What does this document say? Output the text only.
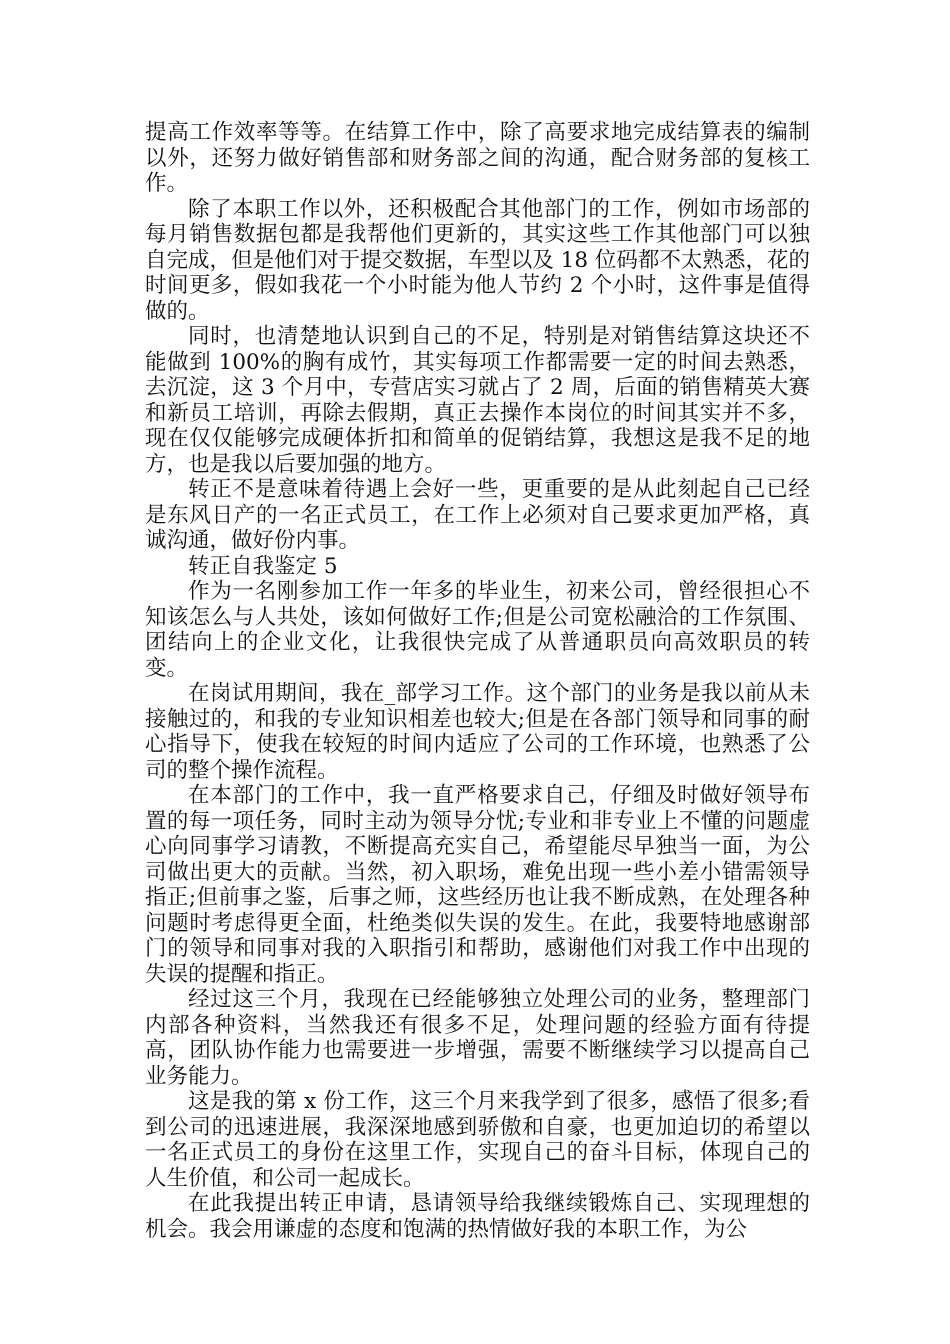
提高工作效率等等。在结算工作中，除了高要求地完成结算表的编制以外，还努力做好销售部和财务部之间的沟通，配合财务部的复核工作。

除了本职工作以外，还积极配合其他部门的工作，例如市场部的每月销售数据包都是我帮他们更新的，其实这些工作其他部门可以独自完成，但是他们对于提交数据，车型以及 18 位码都不太熟悉，花的时间更多，假如我花一个小时能为他人节约 2 个小时，这件事是值得做的。

同时，也清楚地认识到自己的不足，特别是对销售结算这块还不能做到 100%的胸有成竹，其实每项工作都需要一定的时间去熟悉，去沉淀，这 3 个月中，专营店实习就占了 2 周，后面的销售精英大赛和新员工培训，再除去假期，真正去操作本岗位的时间其实并不多，现在仅仅能够完成硬体折扣和简单的促销结算，我想这是我不足的地方，也是我以后要加强的地方。

转正不是意味着待遇上会好一些，更重要的是从此刻起自己已经是东风日产的一名正式员工，在工作上必须对自己要求更加严格，真诚沟通，做好份内事。

转正自我鉴定 5

作为一名刚参加工作一年多的毕业生，初来公司，曾经很担心不知该怎么与人共处，该如何做好工作;但是公司宽松融洽的工作氛围、团结向上的企业文化，让我很快完成了从普通职员向高效职员的转变。

在岗试用期间，我在_部学习工作。这个部门的业务是我以前从未接触过的，和我的专业知识相差也较大;但是在各部门领导和同事的耐心指导下，使我在较短的时间内适应了公司的工作环境，也熟悉了公司的整个操作流程。

在本部门的工作中，我一直严格要求自己，仔细及时做好领导布置的每一项任务，同时主动为领导分忧;专业和非专业上不懂的问题虚心向同事学习请教，不断提高充实自己，希望能尽早独当一面，为公司做出更大的贡献。当然，初入职场，难免出现一些小差小错需领导指正;但前事之鉴，后事之师，这些经历也让我不断成熟，在处理各种问题时考虑得更全面，杜绝类似失误的发生。在此，我要特地感谢部门的领导和同事对我的入职指引和帮助，感谢他们对我工作中出现的失误的提醒和指正。

经过这三个月，我现在已经能够独立处理公司的业务，整理部门内部各种资料，当然我还有很多不足，处理问题的经验方面有待提高，团队协作能力也需要进一步增强，需要不断继续学习以提高自己业务能力。

这是我的第 x 份工作，这三个月来我学到了很多，感悟了很多;看到公司的迅速进展，我深深地感到骄傲和自豪，也更加迫切的希望以一名正式员工的身份在这里工作，实现自己的奋斗目标，体现自己的人生价值，和公司一起成长。

在此我提出转正申请，恳请领导给我继续锻炼自己、实现理想的机会。我会用谦虚的态度和饱满的热情做好我的本职工作，为公
